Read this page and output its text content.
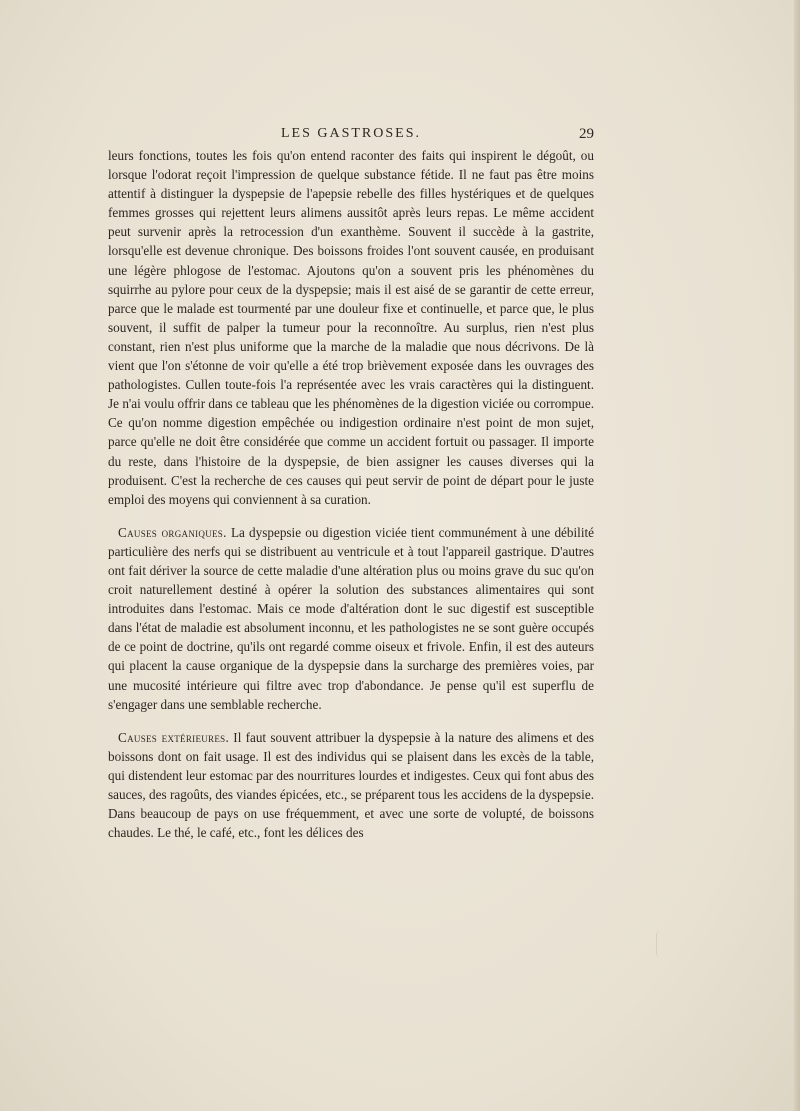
LES GASTROSES.	29

leurs fonctions, toutes les fois qu'on entend raconter des faits qui inspirent le dégoût, ou lorsque l'odorat reçoit l'impression de quelque substance fétide. Il ne faut pas être moins attentif à distinguer la dyspepsie de l'apepsie rebelle des filles hystériques et de quelques femmes grosses qui rejettent leurs alimens aussitôt après leurs repas. Le même accident peut survenir après la retrocession d'un exanthème. Souvent il succède à la gastrite, lorsqu'elle est devenue chronique. Des boissons froides l'ont souvent causée, en produisant une légère phlogose de l'estomac. Ajoutons qu'on a souvent pris les phénomènes du squirrhe au pylore pour ceux de la dyspepsie; mais il est aisé de se garantir de cette erreur, parce que le malade est tourmenté par une douleur fixe et continuelle, et parce que, le plus souvent, il suffit de palper la tumeur pour la reconnoître. Au surplus, rien n'est plus constant, rien n'est plus uniforme que la marche de la maladie que nous décrivons. De là vient que l'on s'étonne de voir qu'elle a été trop brièvement exposée dans les ouvrages des pathologistes. Cullen toute-fois l'a représentée avec les vrais caractères qui la distinguent. Je n'ai voulu offrir dans ce tableau que les phénomènes de la digestion viciée ou corrompue. Ce qu'on nomme digestion empêchée ou indigestion ordinaire n'est point de mon sujet, parce qu'elle ne doit être considérée que comme un accident fortuit ou passager. Il importe du reste, dans l'histoire de la dyspepsie, de bien assigner les causes diverses qui la produisent. C'est la recherche de ces causes qui peut servir de point de départ pour le juste emploi des moyens qui conviennent à sa curation.

Causes organiques. La dyspepsie ou digestion viciée tient communément à une débilité particulière des nerfs qui se distribuent au ventricule et à tout l'appareil gastrique. D'autres ont fait dériver la source de cette maladie d'une altération plus ou moins grave du suc qu'on croit naturellement destiné à opérer la solution des substances alimentaires qui sont introduites dans l'estomac. Mais ce mode d'altération dont le suc digestif est susceptible dans l'état de maladie est absolument inconnu, et les pathologistes ne se sont guère occupés de ce point de doctrine, qu'ils ont regardé comme oiseux et frivole. Enfin, il est des auteurs qui placent la cause organique de la dyspepsie dans la surcharge des premières voies, par une mucosité intérieure qui filtre avec trop d'abondance. Je pense qu'il est superflu de s'engager dans une semblable recherche.

Causes extérieures. Il faut souvent attribuer la dyspepsie à la nature des alimens et des boissons dont on fait usage. Il est des individus qui se plaisent dans les excès de la table, qui distendent leur estomac par des nourritures lourdes et indigestes. Ceux qui font abus des sauces, des ragoûts, des viandes épicées, etc., se préparent tous les accidens de la dyspepsie. Dans beaucoup de pays on use fréquemment, et avec une sorte de volupté, de boissons chaudes. Le thé, le café, etc., font les délices des
